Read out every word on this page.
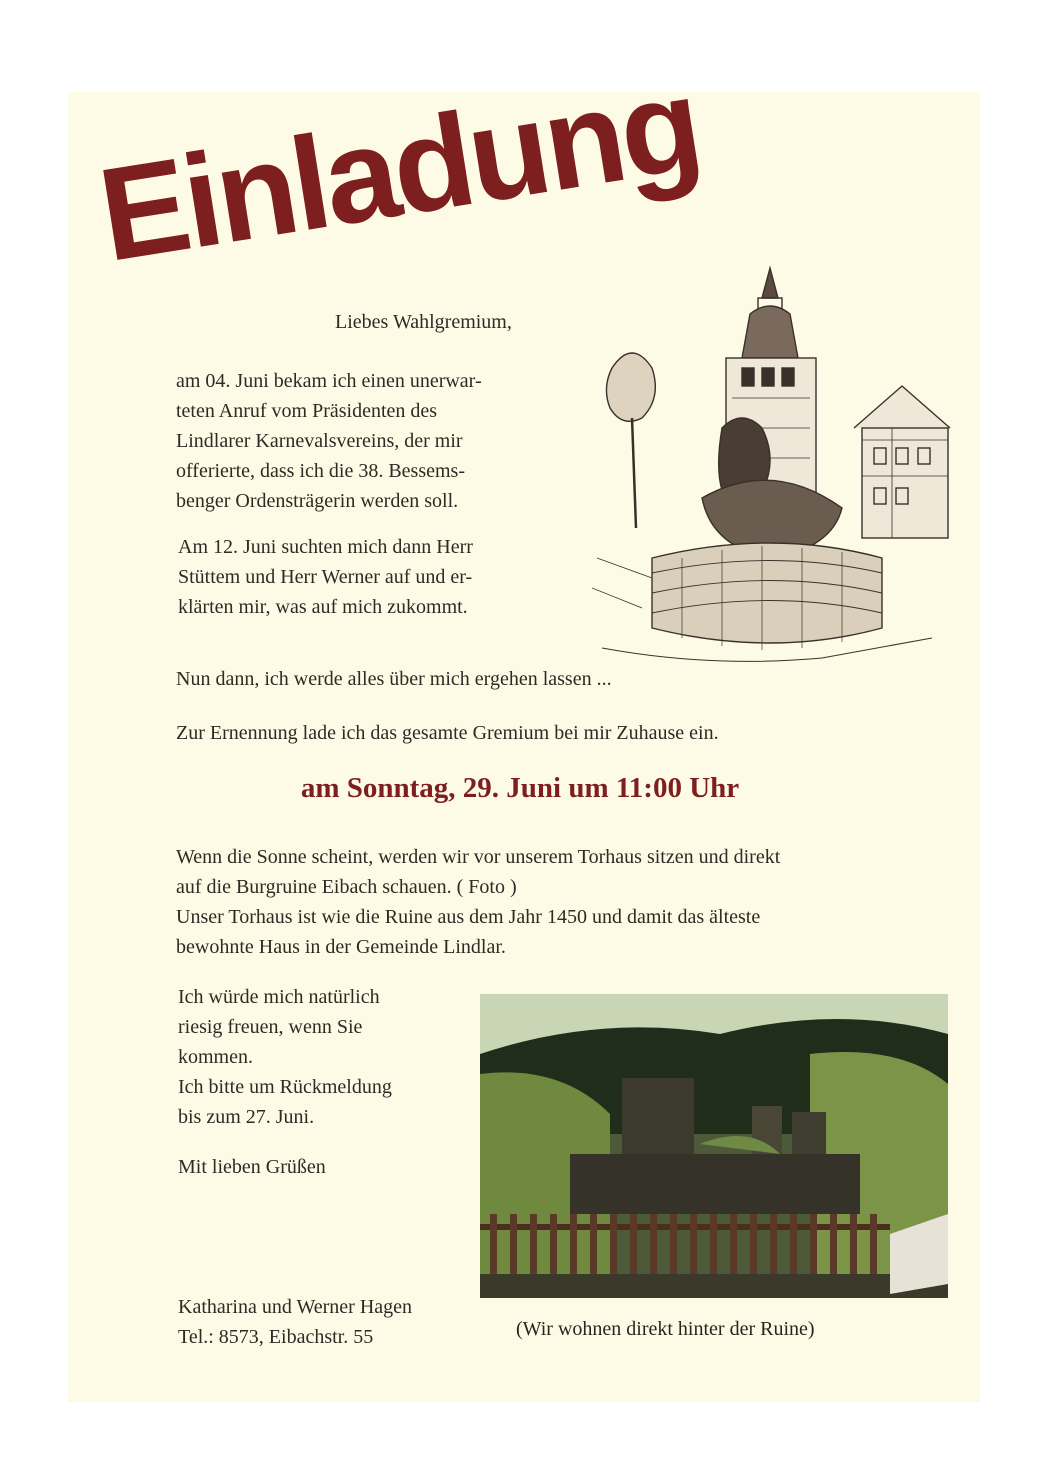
Einladung

Liebes Wahlgremium,

am 04. Juni bekam ich einen unerwar-
teten Anruf vom Präsidenten des
Lindlarer Karnevalsvereins, der mir
offerierte, dass ich die 38. Bessems-
benger Ordensträgerin werden soll.
Am 12. Juni suchten mich dann Herr
Stüttem und Herr Werner auf und er-
klärten mir, was auf mich zukommt.

Nun dann, ich werde alles über mich ergehen lassen ...

Zur Ernennung lade ich das gesamte Gremium bei mir Zuhause ein.

am Sonntag, 29. Juni um 11:00 Uhr
Wenn die Sonne scheint, werden wir vor unserem Torhaus sitzen und direkt
auf die Burgruine Eibach schauen. ( Foto )
Unser Torhaus ist wie die Ruine aus dem Jahr 1450 und damit das älteste
bewohnte Haus in der Gemeinde Lindlar.
Ich würde mich natürlich
riesig freuen, wenn Sie
kommen.
Ich bitte um Rückmeldung
bis zum 27. Juni.

Mit lieben Grüßen

Katharina und Werner Hagen
Tel.: 8573, Eibachstr. 55	(Wir wohnen direkt hinter der Ruine)
